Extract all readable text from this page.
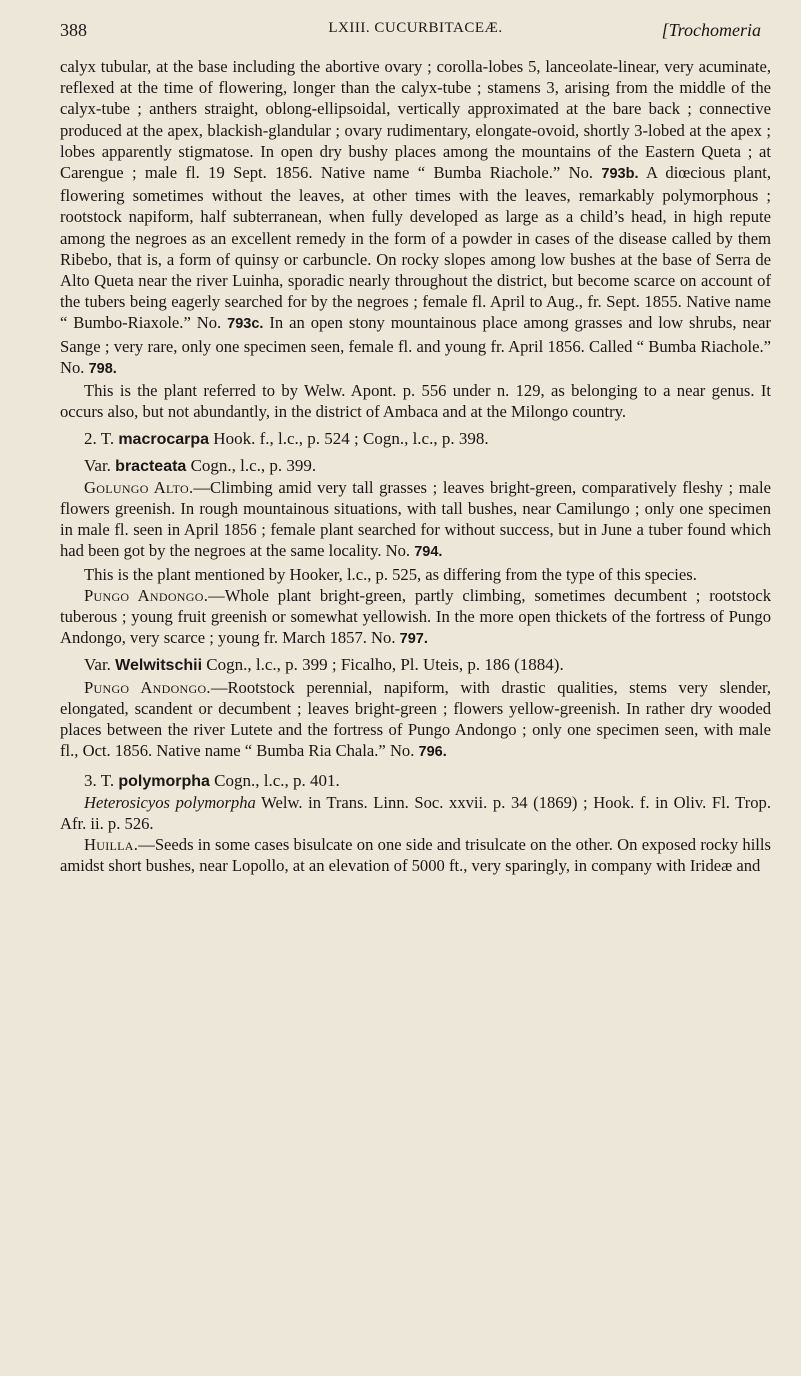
388	LXIII. CUCURBITACEÆ.	[Trochomeria

calyx tubular, at the base including the abortive ovary ; corolla-lobes 5, lanceolate-linear, very acuminate, reflexed at the time of flowering, longer than the calyx-tube ; stamens 3, arising from the middle of the calyx-tube ; anthers straight, oblong-ellipsoidal, vertically approximated at the bare back ; connective produced at the apex, blackish-glandular ; ovary rudimentary, elongate-ovoid, shortly 3-lobed at the apex ; lobes apparently stigmatose. In open dry bushy places among the mountains of the Eastern Queta ; at Carengue ; male fl. 19 Sept. 1856. Native name “ Bumba Riachole.” No. 793b. A diœcious plant, flowering sometimes without the leaves, at other times with the leaves, remarkably polymorphous ; rootstock napiform, half subterranean, when fully developed as large as a child’s head, in high repute among the negroes as an excellent remedy in the form of a powder in cases of the disease called by them Ribebo, that is, a form of quinsy or carbuncle. On rocky slopes among low bushes at the base of Serra de Alto Queta near the river Luinha, sporadic nearly throughout the district, but become scarce on account of the tubers being eagerly searched for by the negroes ; female fl. April to Aug., fr. Sept. 1855. Native name “ Bumbo-Riaxole.” No. 793c. In an open stony mountainous place among grasses and low shrubs, near Sange ; very rare, only one specimen seen, female fl. and young fr. April 1856. Called “ Bumba Riachole.” No. 798.

This is the plant referred to by Welw. Apont. p. 556 under n. 129, as belonging to a near genus. It occurs also, but not abundantly, in the district of Ambaca and at the Milongo country.

2. T. macrocarpa Hook. f., l.c., p. 524 ; Cogn., l.c., p. 398.

Var. bracteata Cogn., l.c., p. 399.

Golungo Alto.—Climbing amid very tall grasses ; leaves bright-green, comparatively fleshy ; male flowers greenish. In rough mountainous situations, with tall bushes, near Camilungo ; only one specimen in male fl. seen in April 1856 ; female plant searched for without success, but in June a tuber found which had been got by the negroes at the same locality. No. 794.

This is the plant mentioned by Hooker, l.c., p. 525, as differing from the type of this species.

Pungo Andongo.—Whole plant bright-green, partly climbing, sometimes decumbent ; rootstock tuberous ; young fruit greenish or somewhat yellowish. In the more open thickets of the fortress of Pungo Andongo, very scarce ; young fr. March 1857. No. 797.

Var. Welwitschii Cogn., l.c., p. 399 ; Ficalho, Pl. Uteis, p. 186 (1884).

Pungo Andongo.—Rootstock perennial, napiform, with drastic qualities, stems very slender, elongated, scandent or decumbent ; leaves bright-green ; flowers yellow-greenish. In rather dry wooded places between the river Lutete and the fortress of Pungo Andongo ; only one specimen seen, with male fl., Oct. 1856. Native name “ Bumba Ria Chala.” No. 796.

3. T. polymorpha Cogn., l.c., p. 401.

Heterosicyos polymorpha Welw. in Trans. Linn. Soc. xxvii. p. 34 (1869) ; Hook. f. in Oliv. Fl. Trop. Afr. ii. p. 526.

Huilla.—Seeds in some cases bisulcate on one side and trisulcate on the other. On exposed rocky hills amidst short bushes, near Lopollo, at an elevation of 5000 ft., very sparingly, in company with Irideæ and
